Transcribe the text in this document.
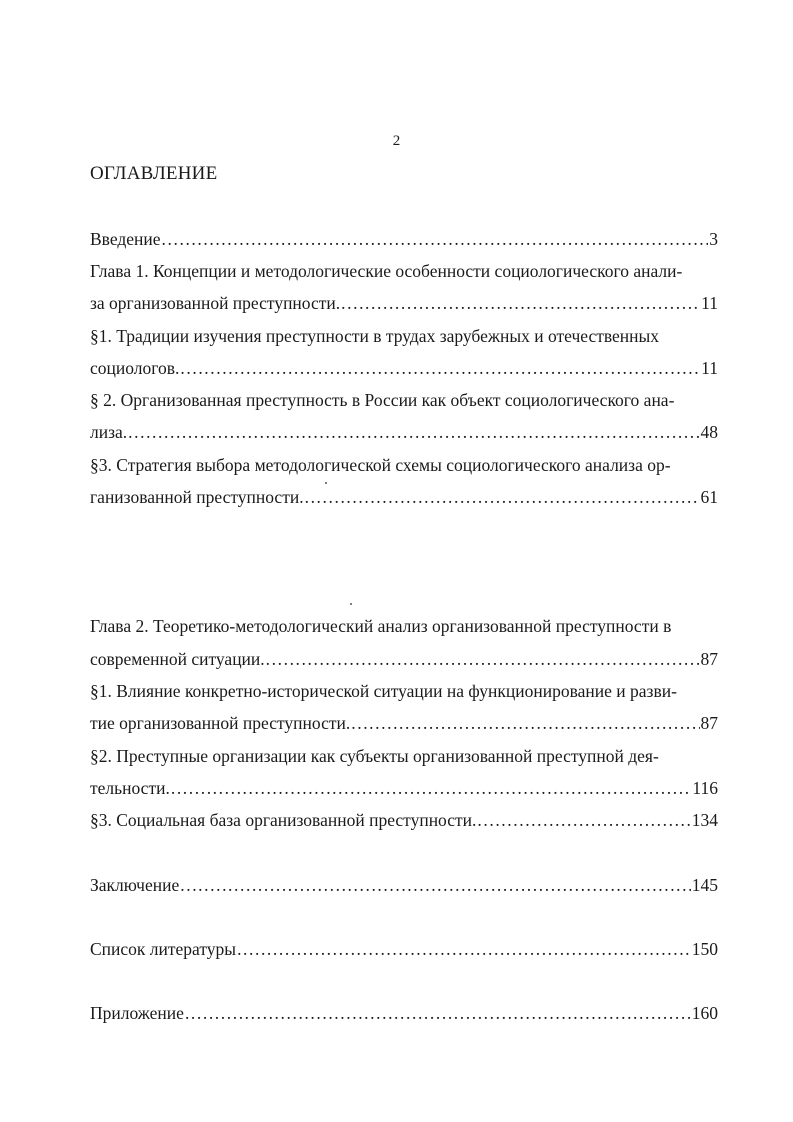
2
ОГЛАВЛЕНИЕ
Введение .....	3
Глава 1. Концепции и методологические особенности социологического анали-
за организованной преступности. .....	11
§1. Традиции изучения преступности в трудах зарубежных и отечественных
социологов. .....	11
§ 2. Организованная преступность в России как объект социологического ана-
лиза. .....	48
§3. Стратегия выбора методологической схемы социологического анализа ор-
ганизованной преступности. .....	61
Глава 2. Теоретико-методологический анализ организованной преступности в
современной ситуации. .....	87
§1. Влияние конкретно-исторической ситуации на функционирование и разви-
тие организованной преступности. .....	87
§2. Преступные организации как субъекты организованной преступной дея-
тельности. .....	116
§3. Социальная база организованной преступности. .....	134
Заключение .....	145
Список литературы .....	150
Приложение .....	160
